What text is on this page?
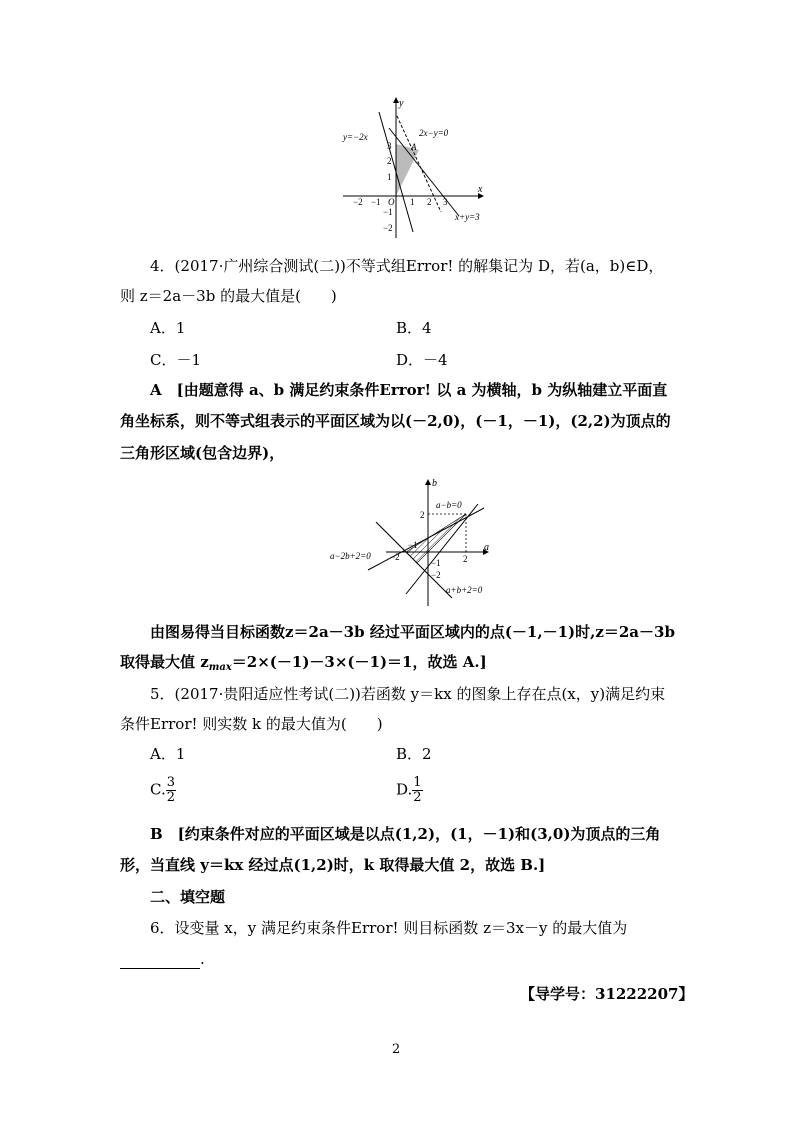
y
x
O
y=−2x	2x−y=0
A
x+y=3
−2 −1	1 2 3
3
2
1
−1
−2
4．(2017·广州综合测试(二))不等式组Error! 的解集记为 D，若(a，b)∈D，
则 z＝2a－3b 的最大值是(　　)
A．1	B．4
C．－1	D．－4
A　[由题意得 a、b 满足约束条件Error! 以 a 为横轴，b 为纵轴建立平面直
角坐标系，则不等式组表示的平面区域为以(－2,0)，(－1，－1)，(2,2)为顶点的
三角形区域(包含边界)，
b
a
a−b=0
a−2b+2=0
a+b+2=0
2
−2
−1
2
−1
−2
由图易得当目标函数z＝2a－3b 经过平面区域内的点(－1,－1)时,z＝2a－3b
取得最大值 $z_{max}=2\times(-1)-3\times(-1)=1$，故选 A.]
5．(2017·贵阳适应性考试(二))若函数 y＝kx 的图象上存在点(x，y)满足约束
条件Error! 则实数 k 的最大值为(　　)
A．1	B．2
C. $\frac{3}{2}$	D. $\frac{1}{2}$
B　[约束条件对应的平面区域是以点(1,2)，(1，－1)和(3,0)为顶点的三角
形，当直线 y＝kx 经过点(1,2)时，k 取得最大值 2，故选 B.]
二、填空题
6．设变量 x，y 满足约束条件Error! 则目标函数 z＝3x－y 的最大值为
.
【导学号：31222207】
2
